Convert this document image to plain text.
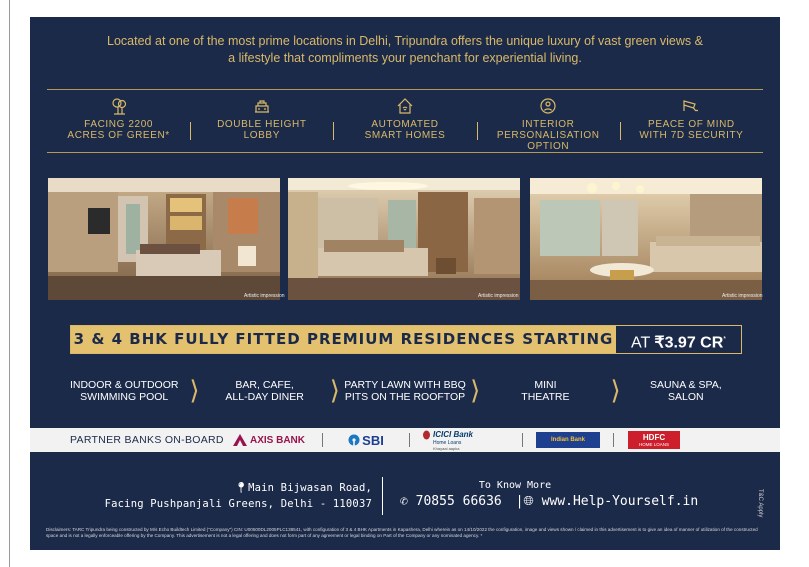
Located at one of the most prime locations in Delhi, Tripundra offers the unique luxury of vast green views &
a lifestyle that compliments your penchant for experiential living.
FACING 2200
ACRES OF GREEN*
DOUBLE HEIGHT
LOBBY
AUTOMATED
SMART HOMES
INTERIOR
PERSONALISATION OPTION
PEACE OF MIND
WITH 7D SECURITY
Artistic impression	Artistic impression	Artistic impression
3 & 4 BHK FULLY FITTED PREMIUM RESIDENCES STARTING	AT ₹3.97 CR*
INDOOR & OUTDOOR
SWIMMING POOL ⟩	BAR, CAFE,
ALL-DAY DINER ⟩ PARTY LAWN WITH BBQ
PITS ON THE ROOFTOP ⟩	MINI
THEATRE	⟩	SAUNA & SPA,
SALON
PARTNER BANKS ON-BOARD	AXIS BANK	SBI	ICICI Bank
Home Loans
Khayaal aapka
Indian Bank	HDFC
HOME LOANS
📍︎Main Bijwasan Road,
Facing Pushpanjali Greens, Delhi - 110037
To Know More
✆ 70855 66636 |🌐︎ www.Help-Yourself.in	T&C Apply
Disclaimers: TARC Tripundra being constructed by M/s Echo Buildtech Limited ("Company") CIN: U00500DL2005PLC138541, with configuration of 3 & 4 BHK Apartments in Kapashera, Delhi wherein as on 14/10/2022 the configuration, image and views shown / claimed in this advertisement is to give an idea of manner of utilization of the constructed space and is not a legally enforceable offering by the Company. This advertisement is not a legal offering and does not form part of any agreement or legal binding on Part of the Company or any nominated agency. *
